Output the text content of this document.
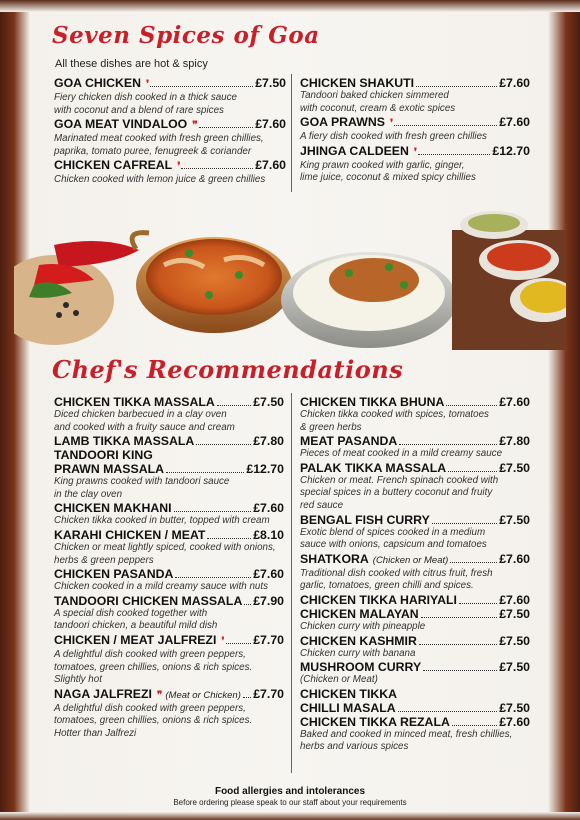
Seven Spices of Goa
All these dishes are hot & spicy
GOA CHICKEN ❜	£7.50
Fiery chicken dish cooked in a thick sauce
with coconut and a blend of rare spices
GOA MEAT VINDALOO ❜❜	£7.60
Marinated meat cooked with fresh green chillies,
paprika, tomato puree, fenugreek & coriander
CHICKEN CAFREAL ❜	£7.60
Chicken cooked with lemon juice & green chillies
CHICKEN SHAKUTI	£7.60
Tandoori baked chicken simmered
with coconut, cream & exotic spices
GOA PRAWNS ❜	£7.60
A fiery dish cooked with fresh green chillies
JHINGA CALDEEN ❜	£12.70
King prawn cooked with garlic, ginger,
lime juice, coconut & mixed spicy chillies
Chef's Recommendations
CHICKEN TIKKA MASSALA	£7.50
Diced chicken barbecued in a clay oven
and cooked with a fruity sauce and cream
LAMB TIKKA MASSALA	£7.80
TANDOORI KING
PRAWN MASSALA	£12.70
King prawns cooked with tandoori sauce
in the clay oven
CHICKEN MAKHANI	£7.60
Chicken tikka cooked in butter, topped with cream
KARAHI CHICKEN / MEAT	£8.10
Chicken or meat lightly spiced, cooked with onions,
herbs & green peppers
CHICKEN PASANDA	£7.60
Chicken cooked in a mild creamy sauce with nuts
TANDOORI CHICKEN MASSALA £7.90
A special dish cooked together with
tandoori chicken, a beautiful mild dish
CHICKEN / MEAT JALFREZI ❜ £7.70
A delightful dish cooked with green peppers,
tomatoes, green chillies, onions & rich spices.
Slightly hot
NAGA JALFREZI ❜❜ (Meat or Chicken) £7.70
A delightful dish cooked with green peppers,
tomatoes, green chillies, onions & rich spices.
Hotter than Jalfrezi
CHICKEN TIKKA BHUNA	£7.60
Chicken tikka cooked with spices, tomatoes
& green herbs
MEAT PASANDA	£7.80
Pieces of meat cooked in a mild creamy sauce
PALAK TIKKA MASSALA	£7.50
Chicken or meat. French spinach cooked with
special spices in a buttery coconut and fruity
red sauce
BENGAL FISH CURRY	£7.50
Exotic blend of spices cooked in a medium
sauce with onions, capsicum and tomatoes
SHATKORA (Chicken or Meat)	£7.60
Traditional dish cooked with citrus fruit, fresh
garlic, tomatoes, green chilli and spices.
CHICKEN TIKKA HARIYALI	£7.60
CHICKEN MALAYAN	£7.50
Chicken curry with pineapple
CHICKEN KASHMIR	£7.50
Chicken curry with banana
MUSHROOM CURRY	£7.50
(Chicken or Meat)
CHICKEN TIKKA
CHILLI MASALA	£7.50
CHICKEN TIKKA REZALA	£7.60
Baked and cooked in minced meat, fresh chillies,
herbs and various spices
Food allergies and intolerances
Before ordering please speak to our staff about your requirements
